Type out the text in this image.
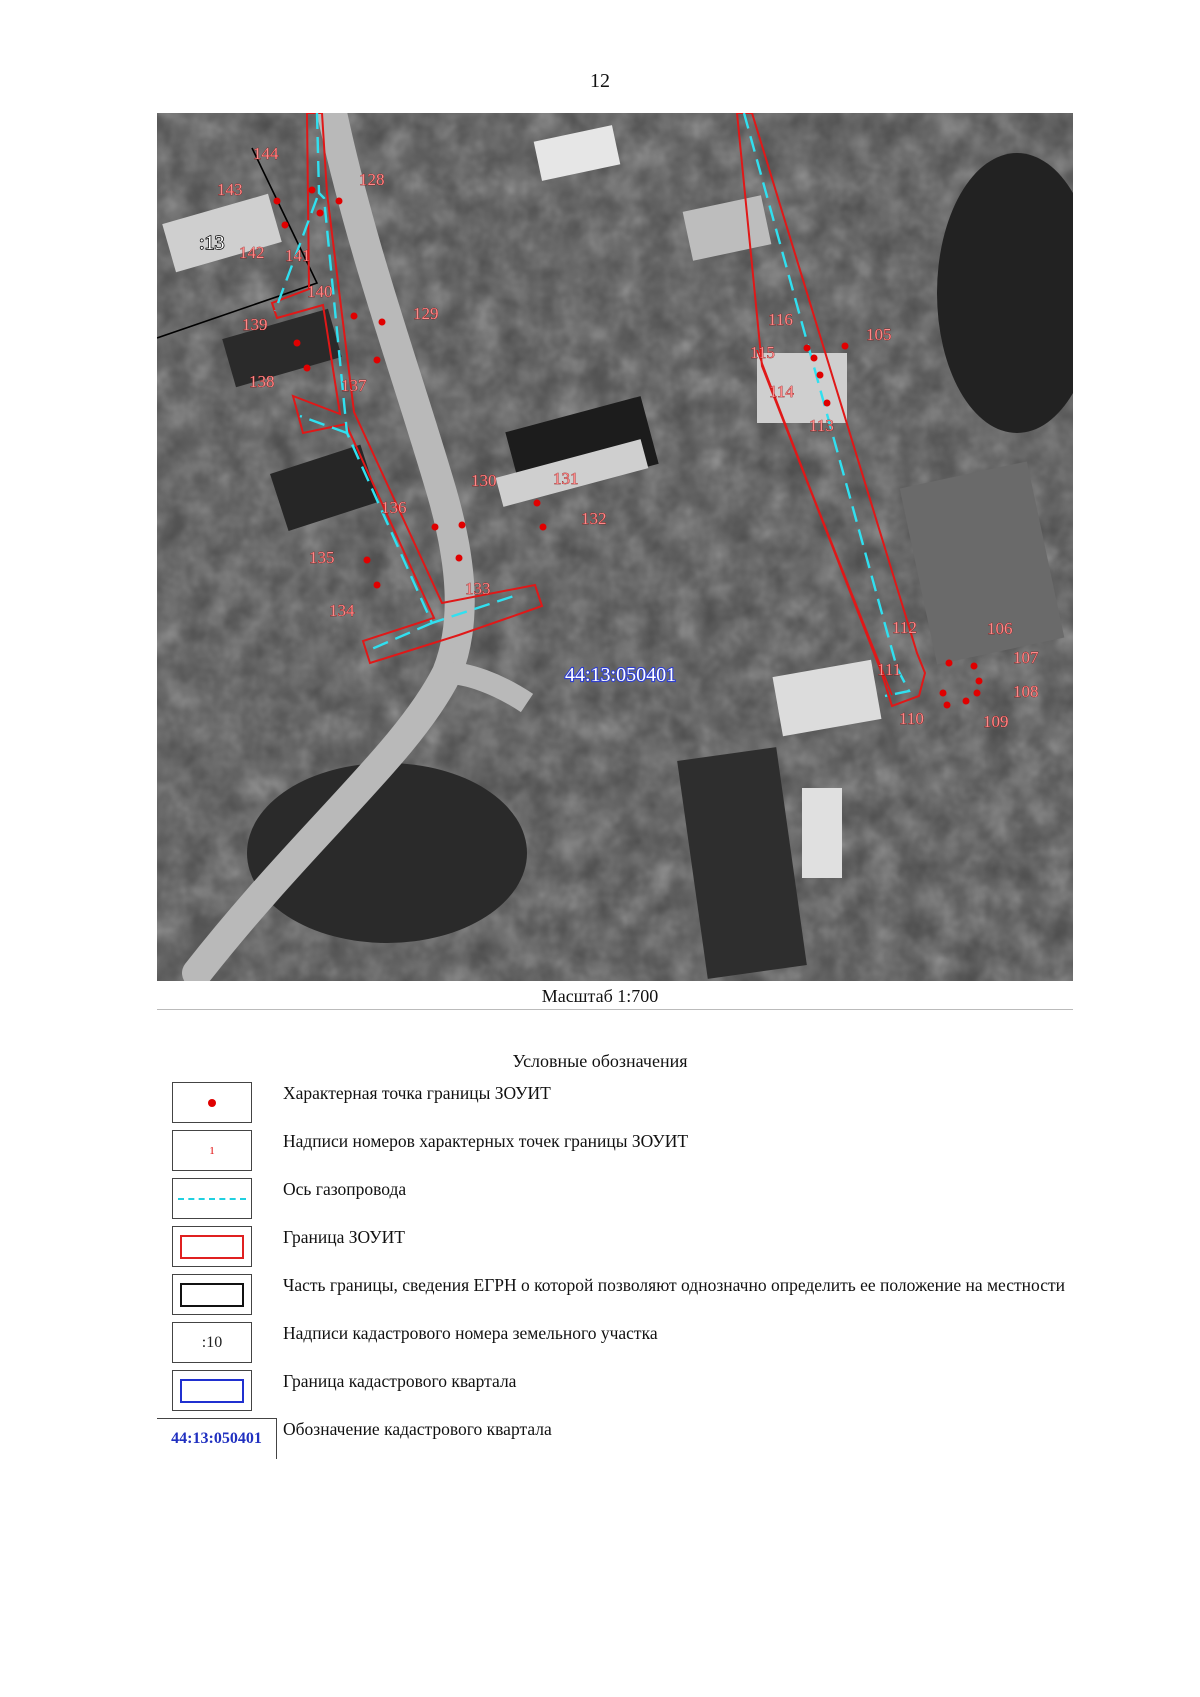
12
144
143
128
142 141
140
129
139
138	137
130	131
132
136
135
134
133
116
105
115
114
113
112	106
107
111
108
110	109
:13
44:13:050401
Масштаб 1:700
Условные обозначения
Характерная точка границы ЗОУИТ
1	Надписи номеров характерных точек границы ЗОУИТ
Ось газопровода
Граница ЗОУИТ
Часть границы, сведения ЕГРН о которой позволяют однозначно определить ее положение на местности
:10	Надписи кадастрового номера земельного участка
Граница кадастрового квартала
44:13:050401 Обозначение кадастрового квартала
